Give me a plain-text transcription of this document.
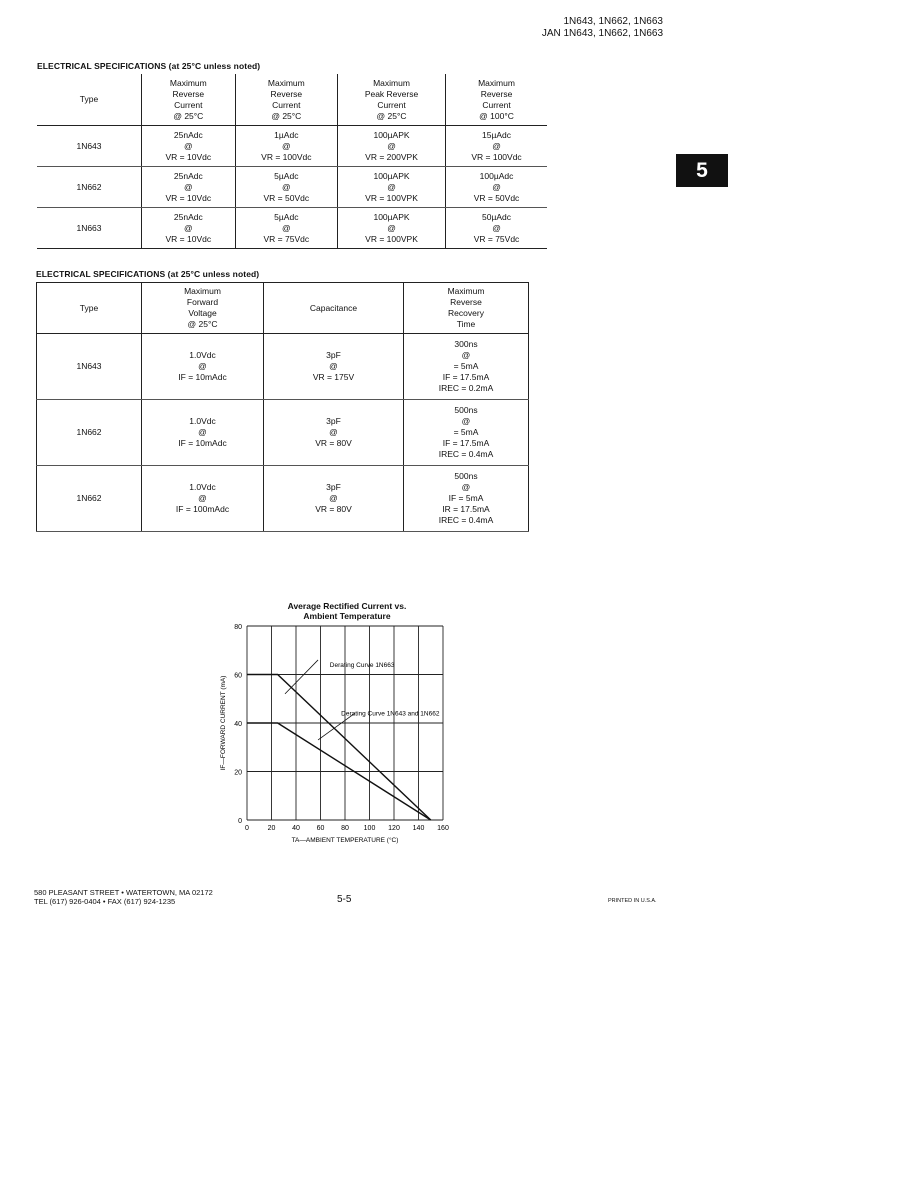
1N643, 1N662, 1N663
JAN 1N643, 1N662, 1N663
5
ELECTRICAL SPECIFICATIONS (at 25°C unless noted)
Type	Maximum
Reverse
Current
@ 25°C	Maximum
Reverse
Current
@ 25°C	Maximum
Peak Reverse
Current
@ 25°C	Maximum
Reverse
Current
@ 100°C
1N643	25nAdc
@
VR = 10Vdc	1µAdc
@
VR = 100Vdc	100µAPK
@
VR = 200VPK	15µAdc
@
VR = 100Vdc
1N662	25nAdc
@
VR = 10Vdc	5µAdc
@
VR = 50Vdc	100µAPK
@
VR = 100VPK	100µAdc
@
VR = 50Vdc
1N663	25nAdc
@
VR = 10Vdc	5µAdc
@
VR = 75Vdc	100µAPK
@
VR = 100VPK	50µAdc
@
VR = 75Vdc
ELECTRICAL SPECIFICATIONS (at 25°C unless noted)
Type	Maximum
Forward
Voltage
@ 25°C	Capacitance	Maximum
Reverse
Recovery
Time
1N643	1.0Vdc
@
IF = 10mAdc	3pF
@
VR = 175V	300ns
@
= 5mA
IF = 17.5mA
IREC = 0.2mA
1N662	1.0Vdc
@
IF = 10mAdc	3pF
@
VR = 80V	500ns
@
= 5mA
IF = 17.5mA
IREC = 0.4mA
1N662	1.0Vdc
@
IF = 100mAdc	3pF
@
VR = 80V	500ns
@
IF = 5mA
IR = 17.5mA
IREC = 0.4mA
Average Rectified Current vs.
Ambient Temperature
0	20 40 60 80 100 120 140 160
0
20
40
60
80
TA—AMBIENT TEMPERATURE (°C)
IF—FORWARD CURRENT (mA)
Derating Curve 1N663
Derating Curve 1N643 and 1N662
580 PLEASANT STREET • WATERTOWN, MA 02172
TEL (617) 926-0404 • FAX (617) 924-1235	5-5	PRINTED IN U.S.A.
